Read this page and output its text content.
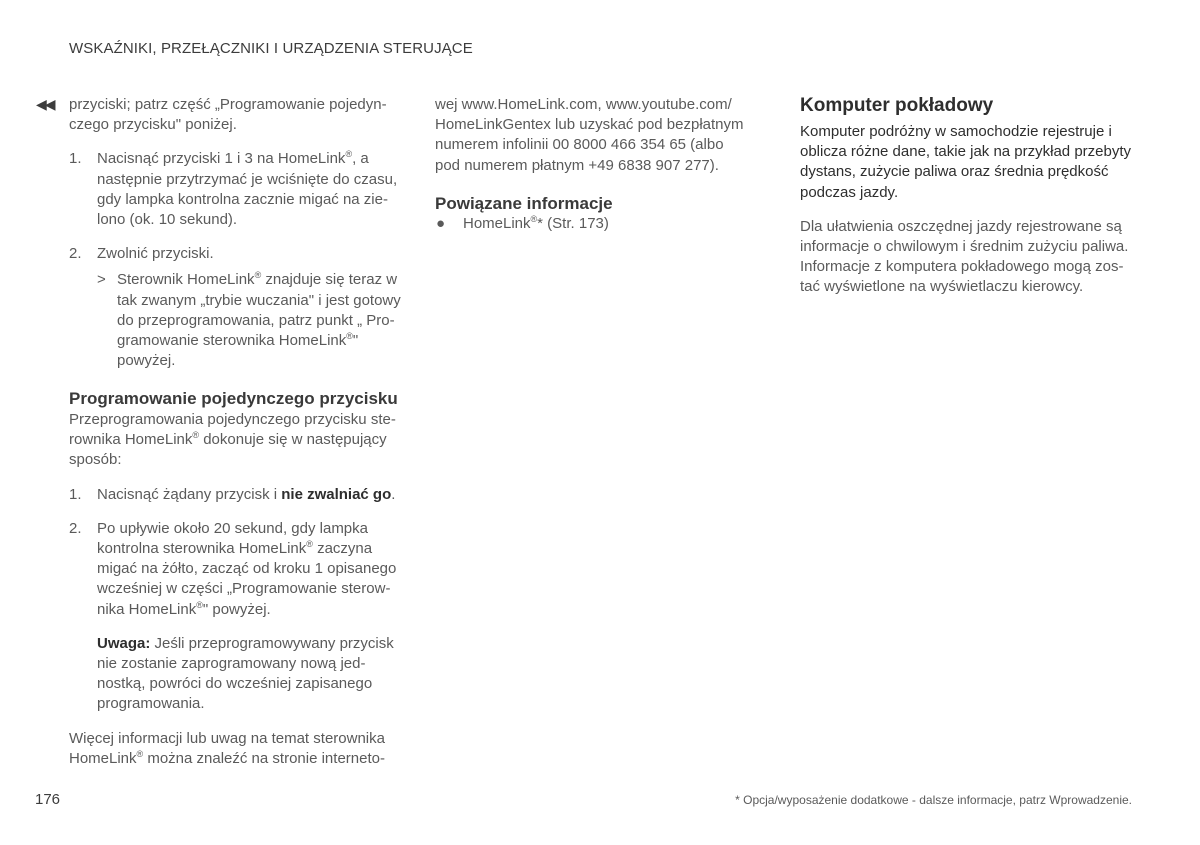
WSKAŹNIKI, PRZEŁĄCZNIKI I URZĄDZENIA STERUJĄCE
◀◀ przyciski; patrz część „Programowanie pojedynczego przycisku" poniżej.

1. Nacisnąć przyciski 1 i 3 na HomeLink®, a następnie przytrzymać je wciśnięte do czasu, gdy lampka kontrolna zacznie migać na zielono (ok. 10 sekund).
2. Zwolnić przyciski.
> Sterownik HomeLink® znajduje się teraz w tak zwanym „trybie wuczania" i jest gotowy do przeprogramowania, patrz punkt „ Programowanie sterownika HomeLink®" powyżej.
Programowanie pojedynczego przycisku

Przeprogramowania pojedynczego przycisku sterownika HomeLink® dokonuje się w następujący sposób:

1. Nacisnąć żądany przycisk i nie zwalniać go.
2. Po upływie około 20 sekund, gdy lampka kontrolna sterownika HomeLink® zaczyna migać na żółto, zacząć od kroku 1 opisanego wcześniej w części „Programowanie sterownika HomeLink®" powyżej.

Uwaga: Jeśli przeprogramowywany przycisk nie zostanie zaprogramowany nową jednostką, powróci do wcześniej zapisanego programowania.

Więcej informacji lub uwag na temat sterownika HomeLink® można znaleźć na stronie interneto-

wej www.HomeLink.com, www.youtube.com/ HomeLinkGentex lub uzyskać pod bezpłatnym numerem infolinii 00 8000 466 354 65 (albo pod numerem płatnym +49 6838 907 277).

Powiązane informacje
● HomeLink®* (Str. 173)
Komputer pokładowy

Komputer podróżny w samochodzie rejestruje i oblicza różne dane, takie jak na przykład przebyty dystans, zużycie paliwa oraz średnia prędkość podczas jazdy.

Dla ułatwienia oszczędnej jazdy rejestrowane są informacje o chwilowym i średnim zużyciu paliwa. Informacje z komputera pokładowego mogą zostać wyświetlone na wyświetlaczu kierowcy.

176	* Opcja/wyposażenie dodatkowe - dalsze informacje, patrz Wprowadzenie.
